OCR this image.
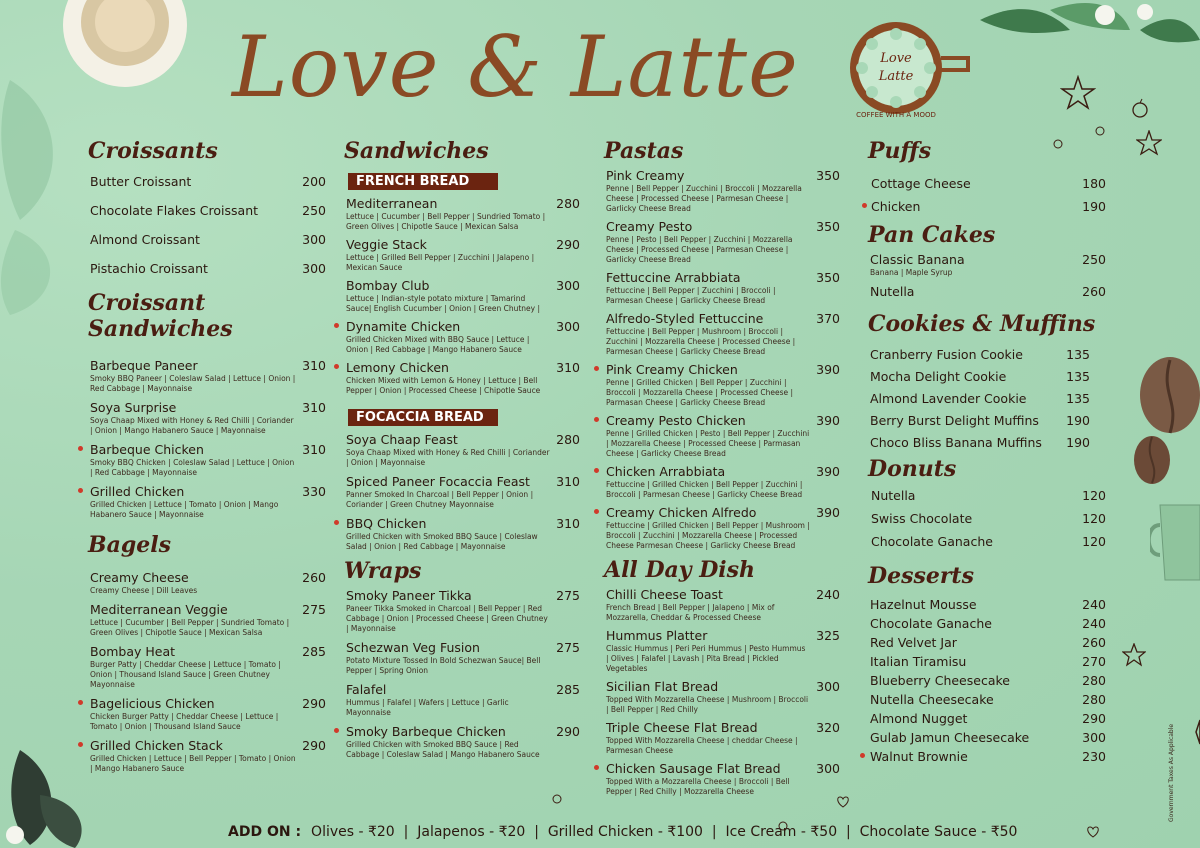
Love & Latte	Love
Latte
COFFEE WITH A MOOD
Croissants
Butter Croissant	200
Chocolate Flakes Croissant	250
Almond Croissant	300
Pistachio Croissant	300
Croissant Sandwiches
Barbeque Paneer	310
Smoky BBQ Paneer | Coleslaw Salad | Lettuce | Onion | Red Cabbage | Mayonnaise
Soya Surprise	310
Soya Chaap Mixed with Honey & Red Chilli | Coriander | Onion | Mango Habanero Sauce | Mayonnaise
Barbeque Chicken	310
Smoky BBQ Chicken | Coleslaw Salad | Lettuce | Onion | Red Cabbage | Mayonnaise
Grilled Chicken	330
Grilled Chicken | Lettuce | Tomato | Onion | Mango Habanero Sauce | Mayonnaise
Bagels
Creamy Cheese	260
Creamy Cheese | Dill Leaves
Mediterranean Veggie	275
Lettuce | Cucumber | Bell Pepper | Sundried Tomato | Green Olives | Chipotle Sauce | Mexican Salsa
Bombay Heat	285
Burger Patty | Cheddar Cheese | Lettuce | Tomato | Onion | Thousand Island Sauce | Green Chutney Mayonnaise
Bagelicious Chicken	290
Chicken Burger Patty | Cheddar Cheese | Lettuce | Tomato | Onion | Thousand Island Sauce
Grilled Chicken Stack	290
Grilled Chicken | Lettuce | Bell Pepper | Tomato | Onion | Mango Habanero Sauce
Sandwiches
FRENCH BREAD
Mediterranean	280
Lettuce | Cucumber | Bell Pepper | Sundried Tomato | Green Olives | Chipotle Sauce | Mexican Salsa
Veggie Stack	290
Lettuce | Grilled Bell Pepper | Zucchini | Jalapeno | Mexican Sauce
Bombay Club	300
Lettuce | Indian-style potato mixture | Tamarind Sauce| English Cucumber | Onion | Green Chutney |
Dynamite Chicken	300
Grilled Chicken Mixed with BBQ Sauce | Lettuce | Onion | Red Cabbage | Mango Habanero Sauce
Lemony Chicken	310
Chicken Mixed with Lemon & Honey | Lettuce | Bell Pepper | Onion | Processed Cheese | Chipotle Sauce
FOCACCIA BREAD
Soya Chaap Feast	280
Soya Chaap Mixed with Honey & Red Chilli | Coriander | Onion | Mayonnaise
Spiced Paneer Focaccia Feast 310
Panner Smoked In Charcoal | Bell Pepper | Onion | Coriander | Green Chutney Mayonnaise
BBQ Chicken	310
Grilled Chicken with Smoked BBQ Sauce | Coleslaw Salad | Onion | Red Cabbage | Mayonnaise
Wraps
Smoky Paneer Tikka	275
Paneer Tikka Smoked in Charcoal | Bell Pepper | Red Cabbage | Onion | Processed Cheese | Green Chutney | Mayonnaise
Schezwan Veg Fusion	275
Potato Mixture Tossed In Bold Schezwan Sauce| Bell Pepper | Spring Onion
Falafel	285
Hummus | Falafel | Wafers | Lettuce | Garlic Mayonnaise
Smoky Barbeque Chicken	290
Grilled Chicken with Smoked BBQ Sauce | Red Cabbage | Coleslaw Salad | Mango Habanero Sauce
Pastas
Pink Creamy	350
Penne | Bell Pepper | Zucchini | Broccoli | Mozzarella Cheese | Processed Cheese | Parmesan Cheese | Garlicky Cheese Bread
Creamy Pesto	350
Penne | Pesto | Bell Pepper | Zucchini | Mozzarella Cheese | Processed Cheese | Parmesan Cheese | Garlicky Cheese Bread
Fettuccine Arrabbiata	350
Fettuccine | Bell Pepper | Zucchini | Broccoli | Parmesan Cheese | Garlicky Cheese Bread
Alfredo-Styled Fettuccine	370
Fettuccine | Bell Pepper | Mushroom | Broccoli | Zucchini | Mozzarella Cheese | Processed Cheese | Parmesan Cheese | Garlicky Cheese Bread
Pink Creamy Chicken	390
Penne | Grilled Chicken | Bell Pepper | Zucchini | Broccoli | Mozzarella Cheese | Processed Cheese | Parmasan Cheese | Garlicky Cheese Bread
Creamy Pesto Chicken	390
Penne | Grilled Chicken | Pesto | Bell Pepper | Zucchini | Mozzarella Cheese | Processed Cheese | Parmasan Cheese | Garlicky Cheese Bread
Chicken Arrabbiata	390
Fettuccine | Grilled Chicken | Bell Pepper | Zucchini | Broccoli | Parmesan Cheese | Garlicky Cheese Bread
Creamy Chicken Alfredo	390
Fettuccine | Grilled Chicken | Bell Pepper | Mushroom | Broccoli | Zucchini | Mozzarella Cheese | Processed Cheese Parmesan Cheese | Garlicky Cheese Bread
All Day Dish
Chilli Cheese Toast	240
French Bread | Bell Pepper | Jalapeno | Mix of Mozzarella, Cheddar & Processed Cheese
Hummus Platter	325
Classic Hummus | Peri Peri Hummus | Pesto Hummus | Olives | Falafel | Lavash | Pita Bread | Pickled Vegetables
Sicilian Flat Bread	300
Topped With Mozzarella Cheese | Mushroom | Broccoli | Bell Pepper | Red Chilly
Triple Cheese Flat Bread	320
Topped With Mozzarella Cheese | cheddar Cheese | Parmesan Cheese
Chicken Sausage Flat Bread	300
Topped With a Mozzarella Cheese | Broccoli | Bell Pepper | Red Chilly | Mozzarella Cheese
Puffs
Cottage Cheese	180
Chicken	190
Pan Cakes
Classic Banana	250
Banana | Maple Syrup
Nutella	260
Cookies & Muffins
Cranberry Fusion Cookie	135
Mocha Delight Cookie	135
Almond Lavender Cookie	135
Berry Burst Delight Muffins 190
Choco Bliss Banana Muffins 190
Donuts
Nutella	120
Swiss Chocolate	120
Chocolate Ganache	120
Desserts
Hazelnut Mousse	240
Chocolate Ganache	240
Red Velvet Jar	260
Italian Tiramisu	270
Blueberry Cheesecake	280
Nutella Cheesecake	280
Almond Nugget	290
Gulab Jamun Cheesecake	300
Walnut Brownie	230
ADD ON : Olives - ₹20  |  Jalapenos - ₹20  |  Grilled Chicken - ₹100  |  Ice Cream - ₹50  |  Chocolate Sauce - ₹50
Government Taxes As Applicable
